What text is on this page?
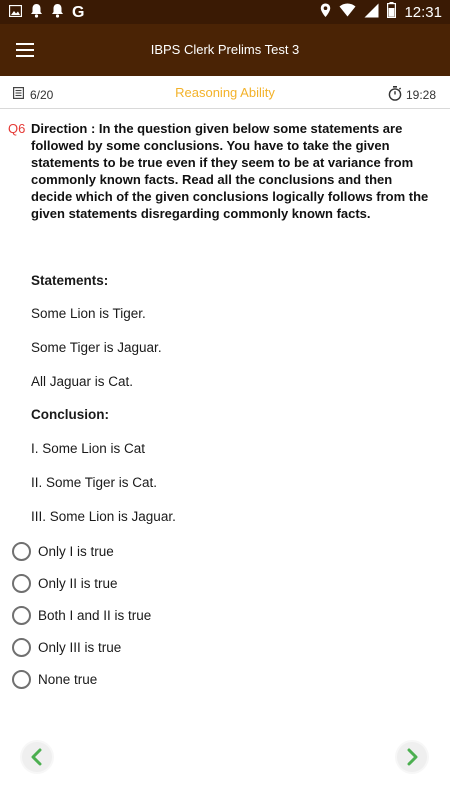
G	12:31
IBPS Clerk Prelims Test 3
6/20	Reasoning Ability	19:28
Q6 Direction : In the question given below some statements are followed by some conclusions. You have to take the given statements to be true even if they seem to be at variance from commonly known facts. Read all the conclusions and then decide which of the given conclusions logically follows from the given statements disregarding commonly known facts.
Statements:
Some Lion is Tiger.
Some Tiger is Jaguar.
All Jaguar is Cat.
Conclusion:
I. Some Lion is Cat
II. Some Tiger is Cat.
III. Some Lion is Jaguar.
Only I is true
Only II is true
Both I and II is true
Only III is true
None true
